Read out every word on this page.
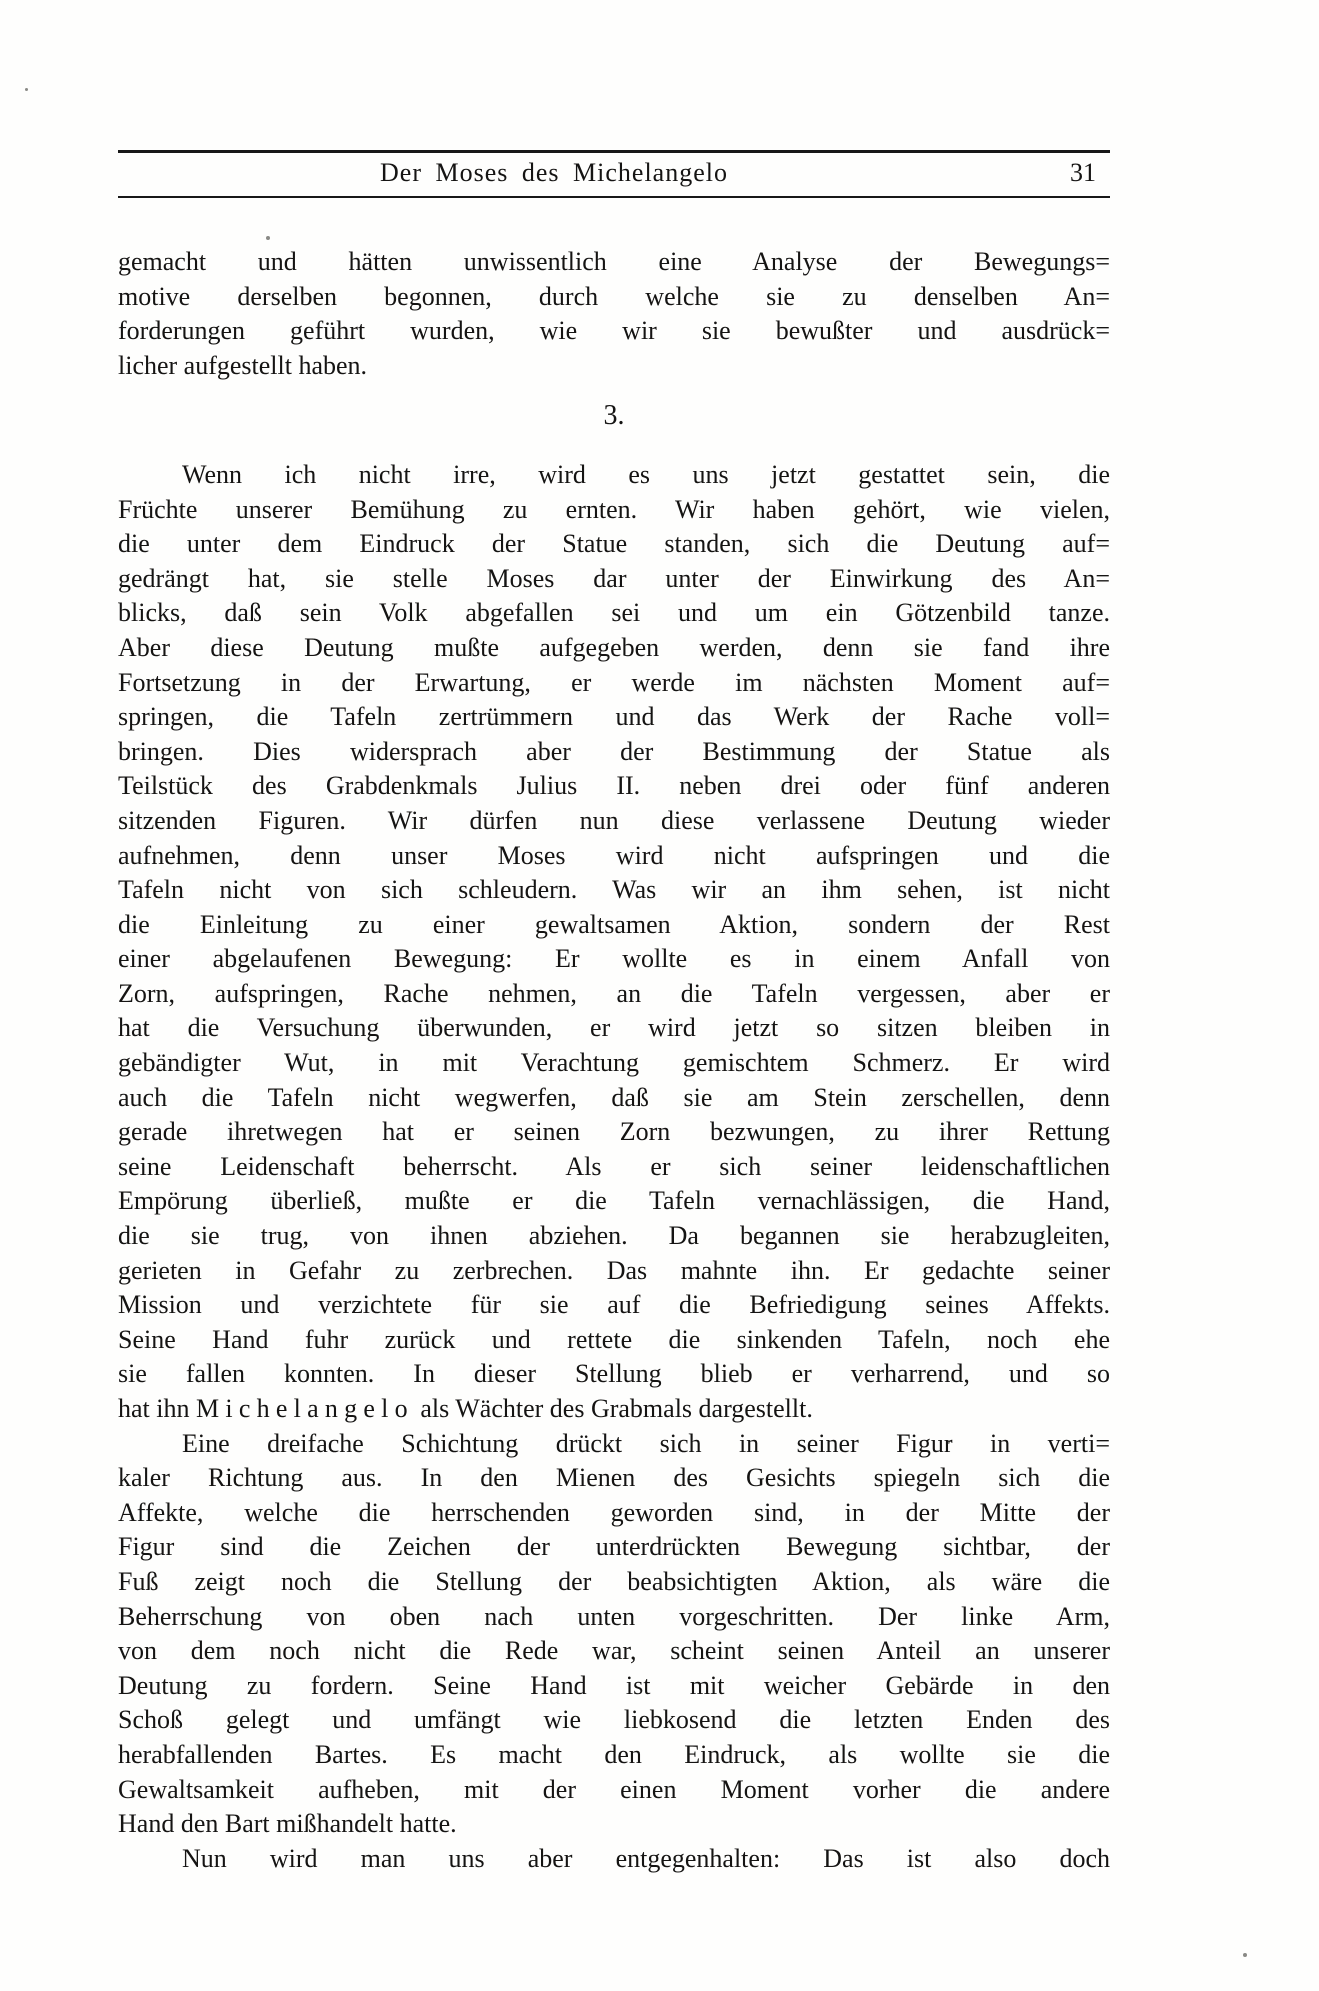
Der Moses des Michelangelo	31
gemacht und hätten unwissentlich eine Analyse der Bewegungs=
motive derselben begonnen, durch welche sie zu denselben An=
forderungen geführt wurden, wie wir sie bewußter und ausdrück=
licher aufgestellt haben.
3.
Wenn ich nicht irre, wird es uns jetzt gestattet sein, die
Früchte unserer Bemühung zu ernten. Wir haben gehört, wie vielen,
die unter dem Eindruck der Statue standen, sich die Deutung auf=
gedrängt hat, sie stelle Moses dar unter der Einwirkung des An=
blicks, daß sein Volk abgefallen sei und um ein Götzenbild tanze.
Aber diese Deutung mußte aufgegeben werden, denn sie fand ihre
Fortsetzung in der Erwartung, er werde im nächsten Moment auf=
springen, die Tafeln zertrümmern und das Werk der Rache voll=
bringen. Dies widersprach aber der Bestimmung der Statue als
Teilstück des Grabdenkmals Julius II. neben drei oder fünf anderen
sitzenden Figuren. Wir dürfen nun diese verlassene Deutung wieder
aufnehmen, denn unser Moses wird nicht aufspringen und die
Tafeln nicht von sich schleudern. Was wir an ihm sehen, ist nicht
die Einleitung zu einer gewaltsamen Aktion, sondern der Rest
einer abgelaufenen Bewegung: Er wollte es in einem Anfall von
Zorn, aufspringen, Rache nehmen, an die Tafeln vergessen, aber er
hat die Versuchung überwunden, er wird jetzt so sitzen bleiben in
gebändigter Wut, in mit Verachtung gemischtem Schmerz. Er wird
auch die Tafeln nicht wegwerfen, daß sie am Stein zerschellen, denn
gerade ihretwegen hat er seinen Zorn bezwungen, zu ihrer Rettung
seine Leidenschaft beherrscht. Als er sich seiner leidenschaftlichen
Empörung überließ, mußte er die Tafeln vernachlässigen, die Hand,
die sie trug, von ihnen abziehen. Da begannen sie herabzugleiten,
gerieten in Gefahr zu zerbrechen. Das mahnte ihn. Er gedachte seiner
Mission und verzichtete für sie auf die Befriedigung seines Affekts.
Seine Hand fuhr zurück und rettete die sinkenden Tafeln, noch ehe
sie fallen konnten. In dieser Stellung blieb er verharrend, und so
hat ihn Michelangelo als Wächter des Grabmals dargestellt.
Eine dreifache Schichtung drückt sich in seiner Figur in verti=
kaler Richtung aus. In den Mienen des Gesichts spiegeln sich die
Affekte, welche die herrschenden geworden sind, in der Mitte der
Figur sind die Zeichen der unterdrückten Bewegung sichtbar, der
Fuß zeigt noch die Stellung der beabsichtigten Aktion, als wäre die
Beherrschung von oben nach unten vorgeschritten. Der linke Arm,
von dem noch nicht die Rede war, scheint seinen Anteil an unserer
Deutung zu fordern. Seine Hand ist mit weicher Gebärde in den
Schoß gelegt und umfängt wie liebkosend die letzten Enden des
herabfallenden Bartes. Es macht den Eindruck, als wollte sie die
Gewaltsamkeit aufheben, mit der einen Moment vorher die andere
Hand den Bart mißhandelt hatte.
Nun wird man uns aber entgegenhalten: Das ist also doch
